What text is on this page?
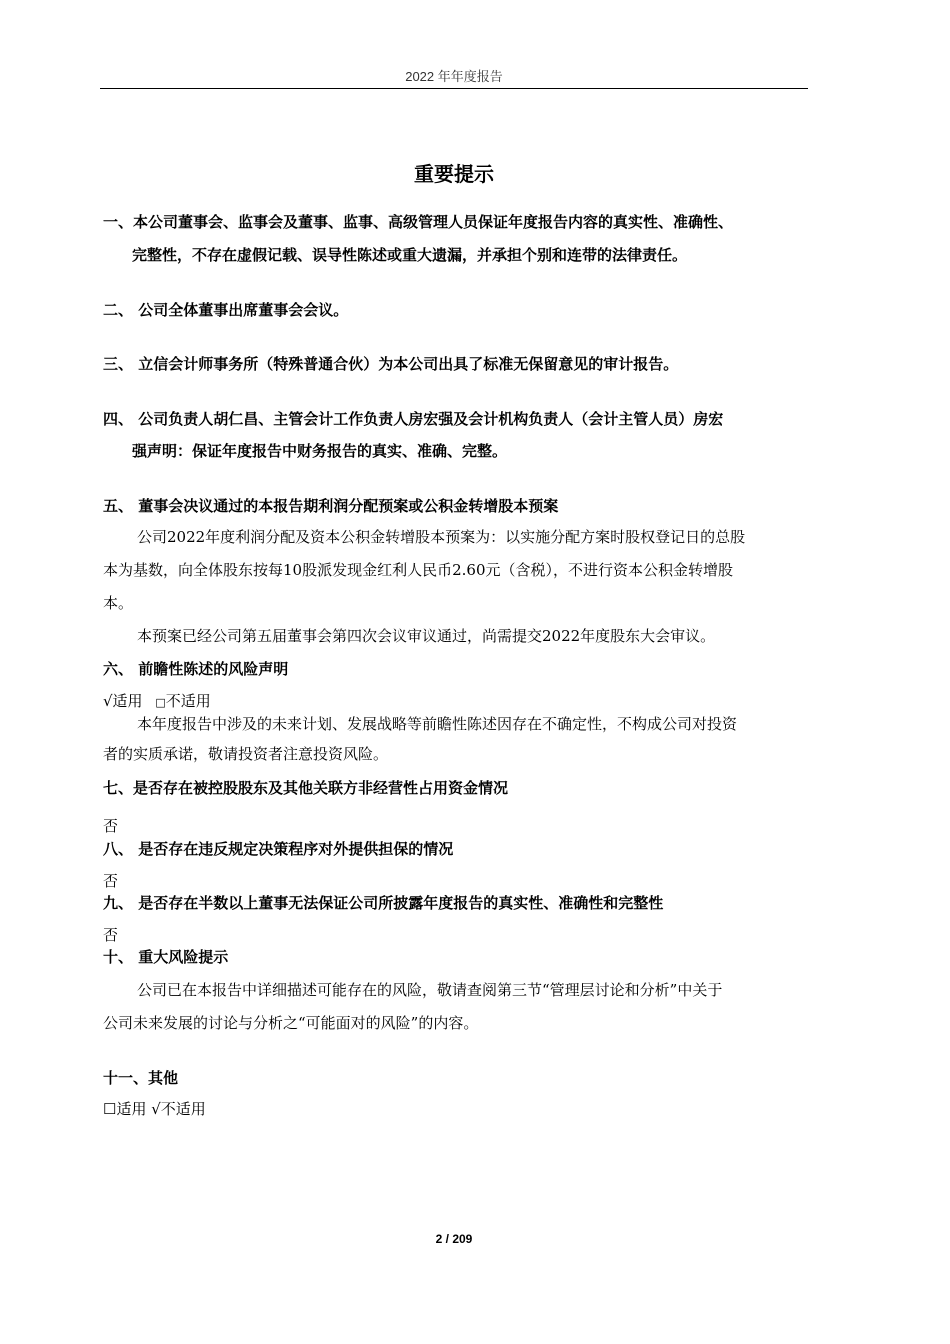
2022 年年度报告
重要提示
一、本公司董事会、监事会及董事、监事、高级管理人员保证年度报告内容的真实性、准确性、
完整性，不存在虚假记载、误导性陈述或重大遗漏，并承担个别和连带的法律责任。
二、 公司全体董事出席董事会会议。
三、 立信会计师事务所（特殊普通合伙）为本公司出具了标准无保留意见的审计报告。
四、 公司负责人胡仁昌、主管会计工作负责人房宏强及会计机构负责人（会计主管人员）房宏
强声明：保证年度报告中财务报告的真实、准确、完整。
五、 董事会决议通过的本报告期利润分配预案或公积金转增股本预案
公司2022年度利润分配及资本公积金转增股本预案为：以实施分配方案时股权登记日的总股
本为基数，向全体股东按每10股派发现金红利人民币2.60元（含税），不进行资本公积金转增股
本。
本预案已经公司第五届董事会第四次会议审议通过，尚需提交2022年度股东大会审议。
六、 前瞻性陈述的风险声明
√适用 □不适用
本年度报告中涉及的未来计划、发展战略等前瞻性陈述因存在不确定性，不构成公司对投资
者的实质承诺，敬请投资者注意投资风险。
七、是否存在被控股股东及其他关联方非经营性占用资金情况
否
八、 是否存在违反规定决策程序对外提供担保的情况
否
九、 是否存在半数以上董事无法保证公司所披露年度报告的真实性、准确性和完整性
否
十、 重大风险提示
公司已在本报告中详细描述可能存在的风险，敬请查阅第三节“管理层讨论和分析”中关于
公司未来发展的讨论与分析之“可能面对的风险”的内容。
十一、其他
☐适用 √不适用
2 / 209
